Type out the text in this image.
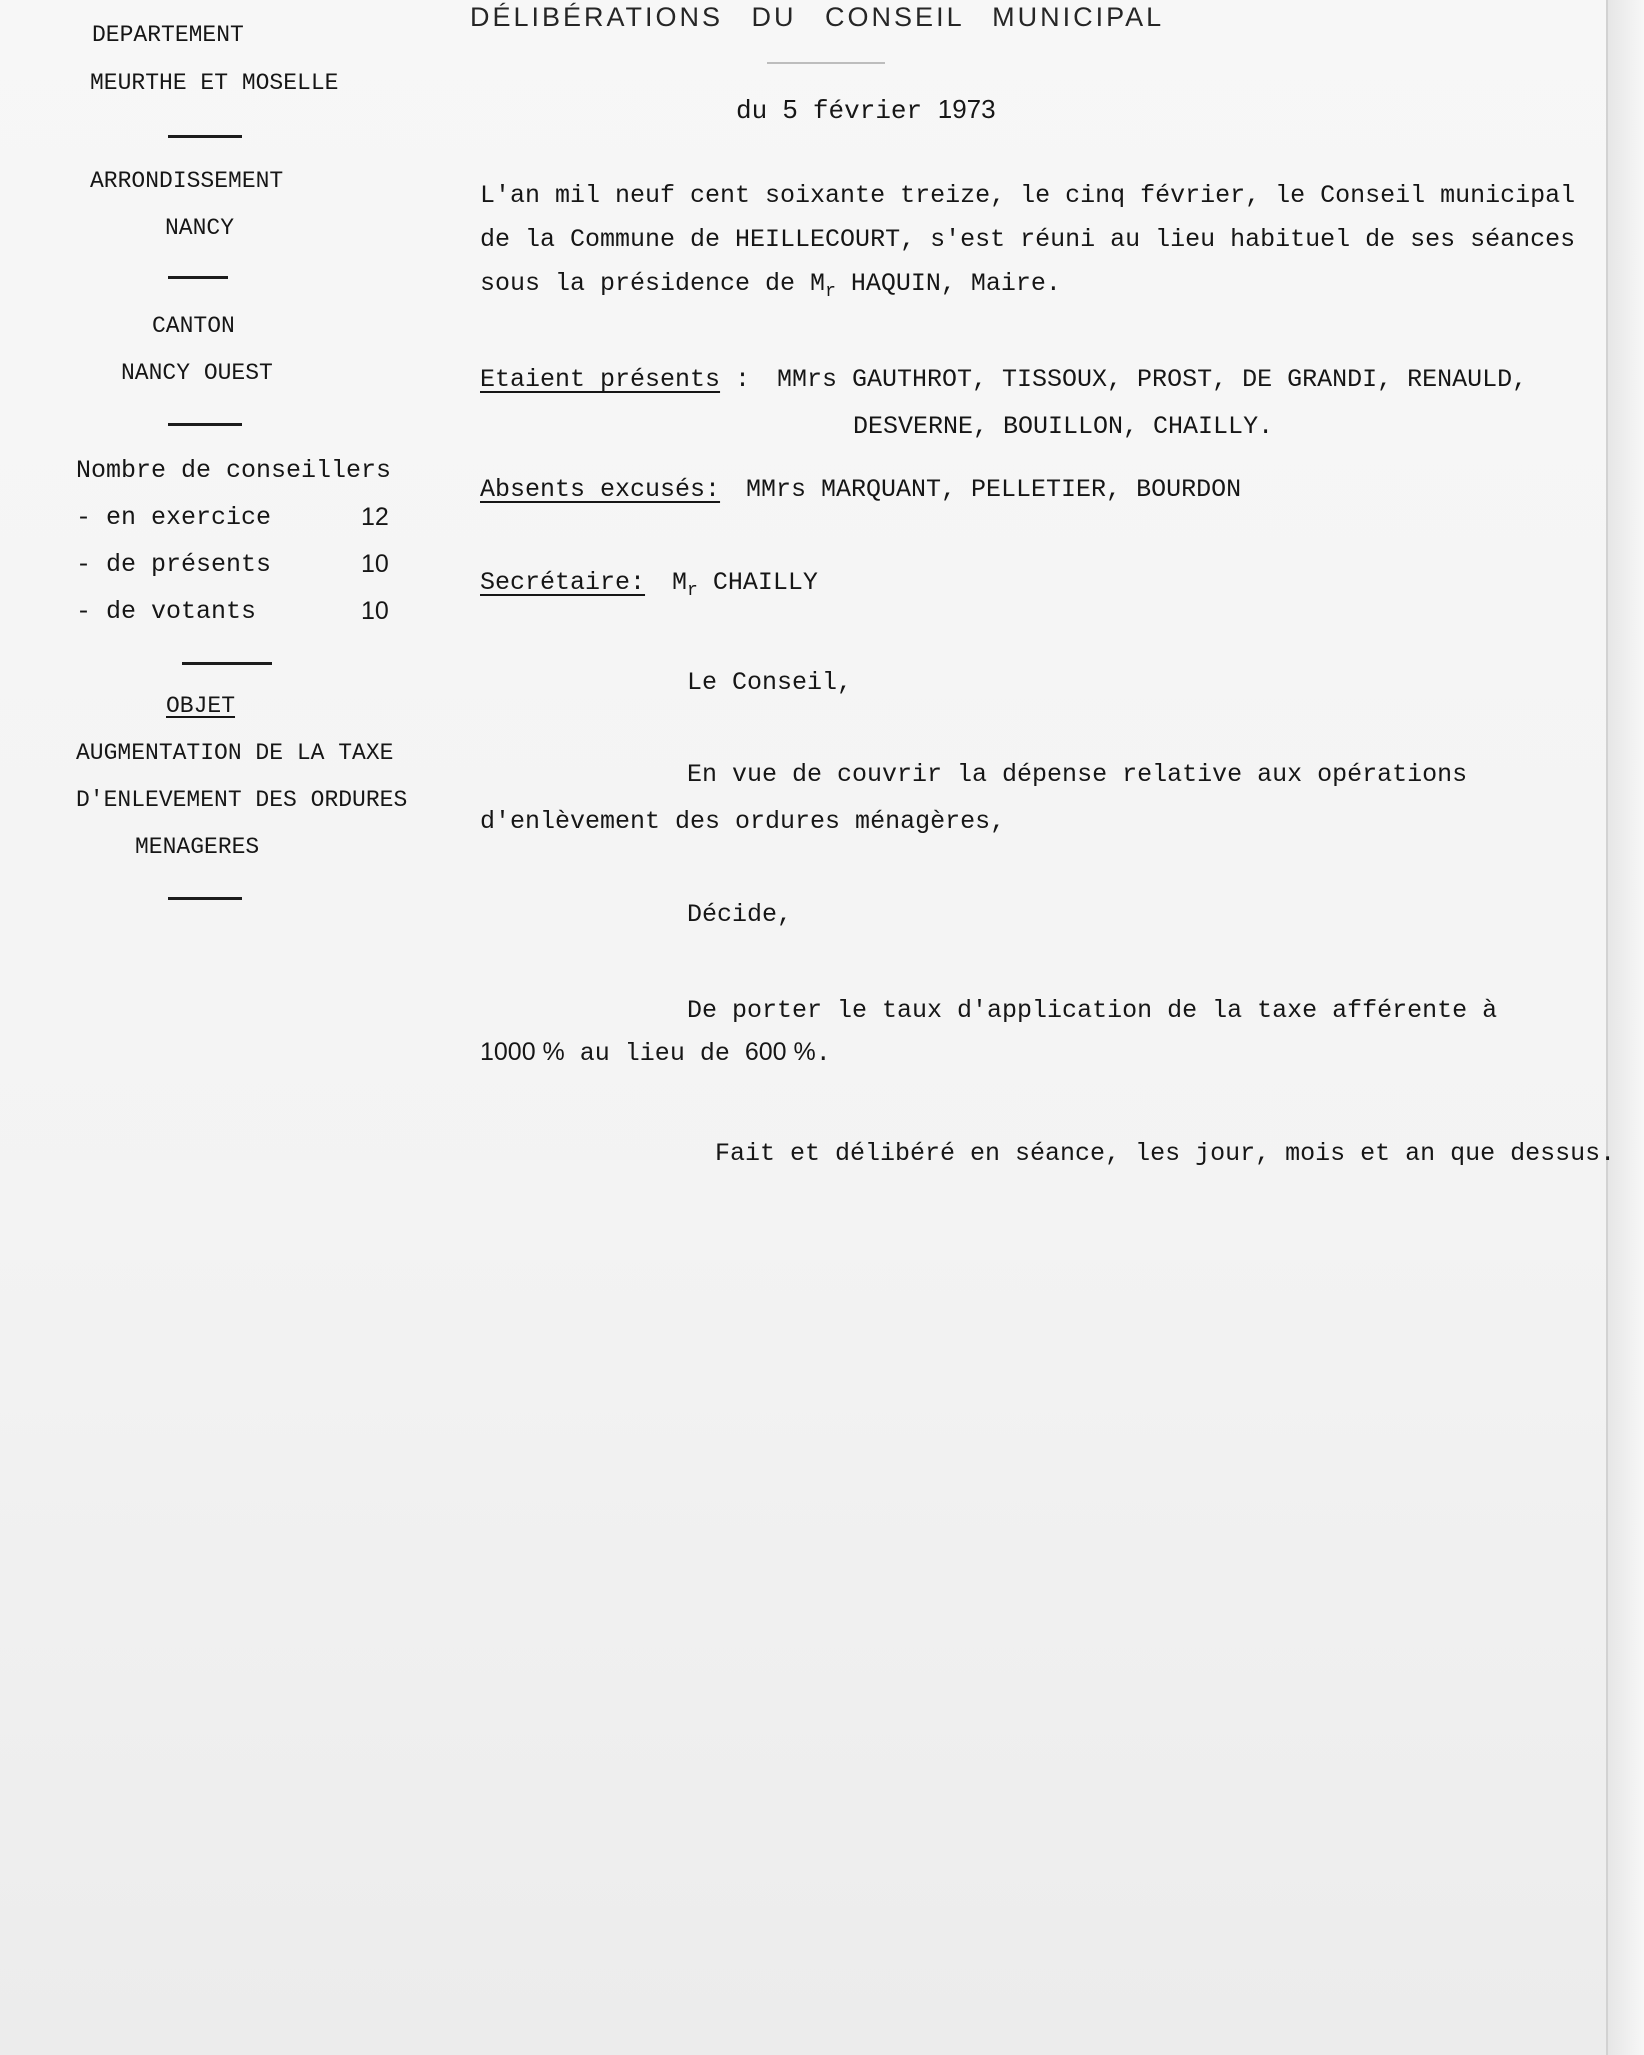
DÉLIBÉRATIONS DU CONSEIL MUNICIPAL
du 5 février 1973
DEPARTEMENT
MEURTHE ET MOSELLE
ARRONDISSEMENT
NANCY
CANTON
NANCY OUEST
Nombre de conseillers
- en exercice	12
- de présents	10
- de votants	10
OBJET
AUGMENTATION DE LA TAXE
D'ENLEVEMENT DES ORDURES
MENAGERES
L'an mil neuf cent soixante treize, le cinq février, le Conseil municipal
de la Commune de HEILLECOURT, s'est réuni au lieu habituel de ses séances
sous la présidence de $M_r$ HAQUIN, Maire.
Etaient présents : MMrs GAUTHROT, TISSOUX, PROST, DE GRANDI, RENAULD,
DESVERNE, BOUILLON, CHAILLY.
Absents excusés: MMrs MARQUANT, PELLETIER, BOURDON
Secrétaire: $M_r$ CHAILLY
Le Conseil,
En vue de couvrir la dépense relative aux opérations
d'enlèvement des ordures ménagères,
Décide,
De porter le taux d'application de la taxe afférente à
1000 % au lieu de 600 %.
Fait et délibéré en séance, les jour, mois et an que dessus.
